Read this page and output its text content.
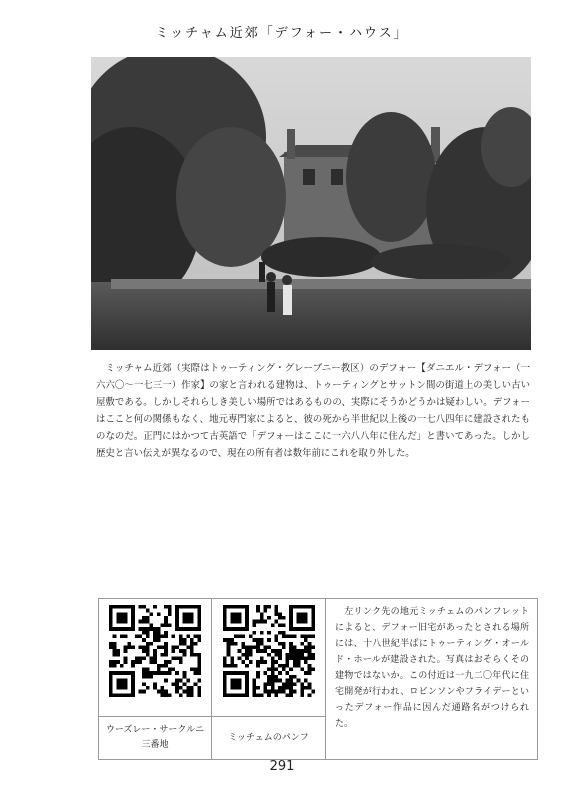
ミッチャム近郊「デフォー・ハウス」
　ミッチャム近郊（実際はトゥーティング・グレーブニー教区）のデフォー【ダニエル・デフォー（一六六〇〜一七三一）作家】の家と言われる建物は、トゥーティングとサットン間の街道上の美しい古い屋敷である。しかしそれらしき美しい場所ではあるものの、実際にそうかどうかは疑わしい。デフォーはここと何の関係もなく、地元専門家によると、彼の死から半世紀以上後の一七八四年に建設されたものなのだ。正門にはかつて古英語で「デフォーはここに一六八八年に住んだ」と書いてあった。しかし歴史と言い伝えが異なるので、現在の所有者は数年前にこれを取り外した。
		　左リンク先の地元ミッチェムのパンフレットによると、デフォー旧宅があったとされる場所には、十八世紀半ばにトゥーティング・オールド・ホールが建設された。写真はおそらくその建物ではないか。この付近は一九二〇年代に住宅開発が行われ、ロビンソンやフライデーといったデフォー作品に因んだ通路名がつけられた。
ウーズレー・サークルニ三番地	ミッチェムのパンフ	
291
